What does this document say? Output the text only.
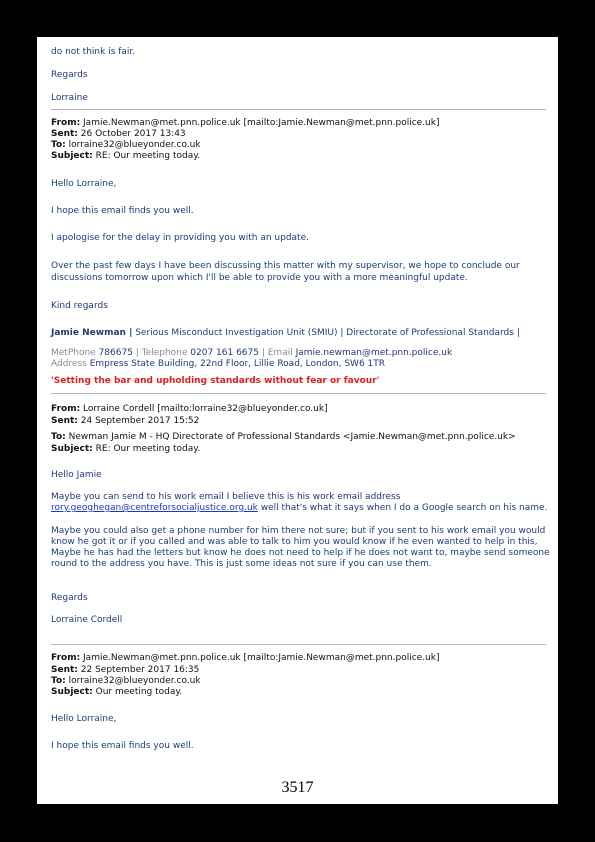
do not think is fair.
Regards
Lorraine
From: Jamie.Newman@met.pnn.police.uk [mailto:Jamie.Newman@met.pnn.police.uk]
Sent: 26 October 2017 13:43
To: lorraine32@blueyonder.co.uk
Subject: RE: Our meeting today.
Hello Lorraine,
I hope this email finds you well.
I apologise for the delay in providing you with an update.
Over the past few days I have been discussing this matter with my supervisor, we hope to conclude our
discussions tomorrow upon which I'll be able to provide you with a more meaningful update.
Kind regards
Jamie Newman | Serious Misconduct Investigation Unit (SMIU) | Directorate of Professional Standards |
MetPhone 786675 | Telephone 0207 161 6675 | Email Jamie.newman@met.pnn.police.uk
Address Empress State Building, 22nd Floor, Lillie Road, London, SW6 1TR
'Setting the bar and upholding standards without fear or favour'
From: Lorraine Cordell [mailto:lorraine32@blueyonder.co.uk]
Sent: 24 September 2017 15:52
To: Newman Jamie M - HQ Directorate of Professional Standards <Jamie.Newman@met.pnn.police.uk>
Subject: RE: Our meeting today.
Hello Jamie
Maybe you can send to his work email I believe this is his work email address
rory.geoghegan@centreforsocialjustice.org.uk well that's what it says when I do a Google search on his name.
Maybe you could also get a phone number for him there not sure; but if you sent to his work email you would
know he got it or if you called and was able to talk to him you would know if he even wanted to help in this,
Maybe he has had the letters but know he does not need to help if he does not want to, maybe send someone
round to the address you have. This is just some ideas not sure if you can use them.
Regards
Lorraine Cordell
From: Jamie.Newman@met.pnn.police.uk [mailto:Jamie.Newman@met.pnn.police.uk]
Sent: 22 September 2017 16:35
To: lorraine32@blueyonder.co.uk
Subject: Our meeting today.
Hello Lorraine,
I hope this email finds you well.
3517
